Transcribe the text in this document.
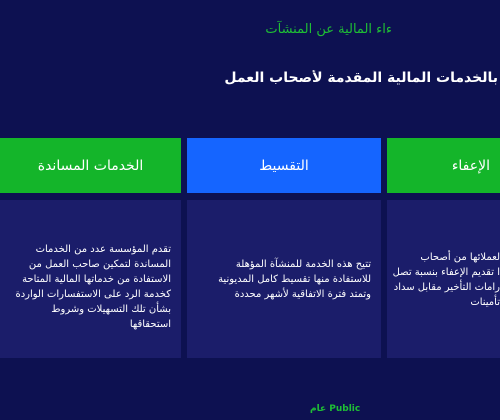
ءاء المالية عن المنشآت
بالخدمات المالية المقدمة لأصحاب العمل
الخدمات المساندة	التقسيط	الإعفاء
تقدم المؤسسة عدد من الخدمات المساندة لتمكين صاحب العمل من الاستفادة من خدماتها المالية المتاحة كخدمة الرد على الاستفسارات الواردة بشأن تلك التسهيلات وشروط استحقاقها
تتيح هذه الخدمة للمنشآة المؤهلة للاستفادة منها تقسيط كامل المديونية وتمتد فترة الاتفاقية لأشهر محددة
لعملائها من أصحاب
ا تقديم الإعفاء بنسبة تصل
رامات التأخير مقابل سداد
تأمينات
Public عام
